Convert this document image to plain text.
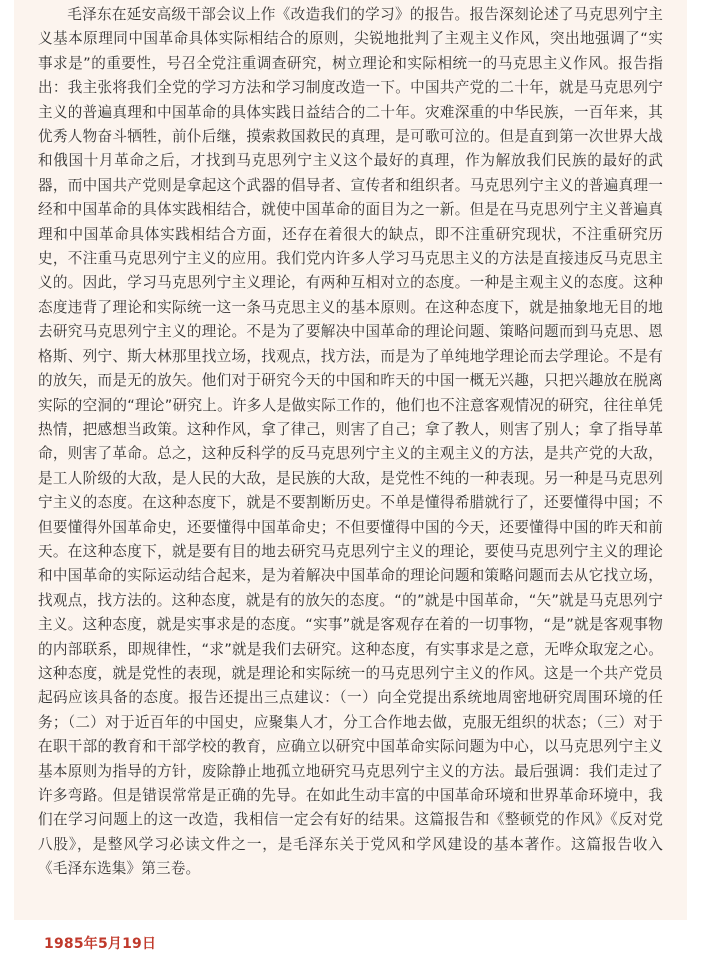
毛泽东在延安高级干部会议上作《改造我们的学习》的报告。报告深刻论述了马克思列宁主义基本原理同中国革命具体实际相结合的原则，尖锐地批判了主观主义作风，突出地强调了“实事求是”的重要性，号召全党注重调查研究，树立理论和实际相统一的马克思主义作风。报告指出：我主张将我们全党的学习方法和学习制度改造一下。中国共产党的二十年，就是马克思列宁主义的普遍真理和中国革命的具体实践日益结合的二十年。灾难深重的中华民族，一百年来，其优秀人物奋斗牺牲，前仆后继，摸索救国救民的真理，是可歌可泣的。但是直到第一次世界大战和俄国十月革命之后，才找到马克思列宁主义这个最好的真理，作为解放我们民族的最好的武器，而中国共产党则是拿起这个武器的倡导者、宣传者和组织者。马克思列宁主义的普遍真理一经和中国革命的具体实践相结合，就使中国革命的面目为之一新。但是在马克思列宁主义普遍真理和中国革命具体实践相结合方面，还存在着很大的缺点，即不注重研究现状，不注重研究历史，不注重马克思列宁主义的应用。我们党内许多人学习马克思主义的方法是直接违反马克思主义的。因此，学习马克思列宁主义理论，有两种互相对立的态度。一种是主观主义的态度。这种态度违背了理论和实际统一这一条马克思主义的基本原则。在这种态度下，就是抽象地无目的地去研究马克思列宁主义的理论。不是为了要解决中国革命的理论问题、策略问题而到马克思、恩格斯、列宁、斯大林那里找立场，找观点，找方法，而是为了单纯地学理论而去学理论。不是有的放矢，而是无的放矢。他们对于研究今天的中国和昨天的中国一概无兴趣，只把兴趣放在脱离实际的空洞的“理论”研究上。许多人是做实际工作的，他们也不注意客观情况的研究，往往单凭热情，把感想当政策。这种作风，拿了律己，则害了自己；拿了教人，则害了别人；拿了指导革命，则害了革命。总之，这种反科学的反马克思列宁主义的主观主义的方法，是共产党的大敌，是工人阶级的大敌，是人民的大敌，是民族的大敌，是党性不纯的一种表现。另一种是马克思列宁主义的态度。在这种态度下，就是不要割断历史。不单是懂得希腊就行了，还要懂得中国；不但要懂得外国革命史，还要懂得中国革命史；不但要懂得中国的今天，还要懂得中国的昨天和前天。在这种态度下，就是要有目的地去研究马克思列宁主义的理论，要使马克思列宁主义的理论和中国革命的实际运动结合起来，是为着解决中国革命的理论问题和策略问题而去从它找立场，找观点，找方法的。这种态度，就是有的放矢的态度。“的”就是中国革命，“矢”就是马克思列宁主义。这种态度，就是实事求是的态度。“实事”就是客观存在着的一切事物，“是”就是客观事物的内部联系，即规律性，“求”就是我们去研究。这种态度，有实事求是之意，无哗众取宠之心。这种态度，就是党性的表现，就是理论和实际统一的马克思列宁主义的作风。这是一个共产党员起码应该具备的态度。报告还提出三点建议：（一）向全党提出系统地周密地研究周围环境的任务；（二）对于近百年的中国史，应聚集人才，分工合作地去做，克服无组织的状态；（三）对于在职干部的教育和干部学校的教育，应确立以研究中国革命实际问题为中心，以马克思列宁主义基本原则为指导的方针，废除静止地孤立地研究马克思列宁主义的方法。最后强调：我们走过了许多弯路。但是错误常常是正确的先导。在如此生动丰富的中国革命环境和世界革命环境中，我们在学习问题上的这一改造，我相信一定会有好的结果。这篇报告和《整顿党的作风》《反对党八股》，是整风学习必读文件之一，是毛泽东关于党风和学风建设的基本著作。这篇报告收入《毛泽东选集》第三卷。

1985年5月19日
